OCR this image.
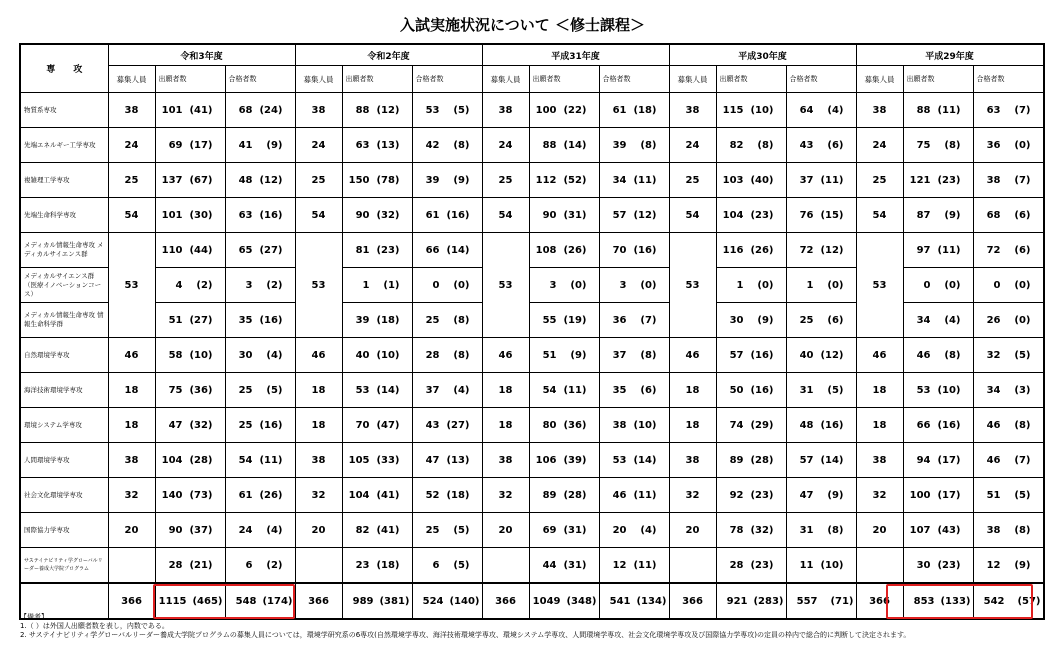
入試実施状況について ＜修士課程＞
専　　攻	令和3年度			令和2年度			平成31年度			平成30年度			平成29年度		
	募集人員	出願者数	合格者数	募集人員	出願者数	合格者数	募集人員	出願者数	合格者数	募集人員	出願者数	合格者数	募集人員	出願者数	合格者数
物質系専攻	38	101 (41)	68 (24)	38	88 (12)	53 (5)	38	100 (22)	61 (18)	38	115 (10)	64 (4)	38	88 (11)	63 (7)
先端エネルギー工学専攻	24	69 (17)	41 (9)	24	63 (13)	42 (8)	24	88 (14)	39 (8)	24	82 (8)	43 (6)	24	75 (8)	36 (0)
複雑理工学専攻	25	137 (67)	48 (12)	25	150 (78)	39 (9)	25	112 (52)	34 (11)	25	103 (40)	37 (11)	25	121 (23)	38 (7)
先端生命科学専攻	54	101 (30)	63 (16)	54	90 (32)	61 (16)	54	90 (31)	57 (12)	54	104 (23)	76 (15)	54	87 (9)	68 (6)
メディカル情報生命専攻 メディカルサイエンス群	53	110 (44)	65 (27)	53	81 (23)	66 (14)	53	108 (26)	70 (16)	53	116 (26)	72 (12)	53	97 (11)	72 (6)
メディカルサイエンス群 （医療イノベーションコース）		4 (2)	3 (2)		1 (1)	0 (0)		3 (0)	3 (0)		1 (0)	1 (0)		0 (0)	0 (0)
メディカル情報生命専攻 情報生命科学群		51 (27)	35 (16)		39 (18)	25 (8)		55 (19)	36 (7)		30 (9)	25 (6)		34 (4)	26 (0)
自然環境学専攻	46	58 (10)	30 (4)	46	40 (10)	28 (8)	46	51 (9)	37 (8)	46	57 (16)	40 (12)	46	46 (8)	32 (5)
海洋技術環境学専攻	18	75 (36)	25 (5)	18	53 (14)	37 (4)	18	54 (11)	35 (6)	18	50 (16)	31 (5)	18	53 (10)	34 (3)
環境システム学専攻	18	47 (32)	25 (16)	18	70 (47)	43 (27)	18	80 (36)	38 (10)	18	74 (29)	48 (16)	18	66 (16)	46 (8)
人間環境学専攻	38	104 (28)	54 (11)	38	105 (33)	47 (13)	38	106 (39)	53 (14)	38	89 (28)	57 (14)	38	94 (17)	46 (7)
社会文化環境学専攻	32	140 (73)	61 (26)	32	104 (41)	52 (18)	32	89 (28)	46 (11)	32	92 (23)	47 (9)	32	100 (17)	51 (5)
国際協力学専攻	20	90 (37)	24 (4)	20	82 (41)	25 (5)	20	69 (31)	20 (4)	20	78 (32)	31 (8)	20	107 (43)	38 (8)
サステイナビリティ学グローバルリーダー養成大学院プログラム		28 (21)	6 (2)		23 (18)	6 (5)		44 (31)	12 (11)		28 (23)	11 (10)		30 (23)	12 (9)
	366	1115 (465)	548 (174)	366	989 (381)	524 (140)	366	1049 (348)	541 (134)	366	921 (283)	557 (71)	366	853 (133)	542 (57)
【備考】
1.（ ）は外国人出願者数を表し，内数である。
2. サステイナビリティ学グローバルリーダー養成大学院プログラムの募集人員については，環境学研究系の6専攻(自然環境学専攻、海洋技術環境学専攻、環境システム学専攻、人間環境学専攻、社会文化環境学専攻及び国際協力学専攻)の定員の枠内で総合的に判断して決定されます。
